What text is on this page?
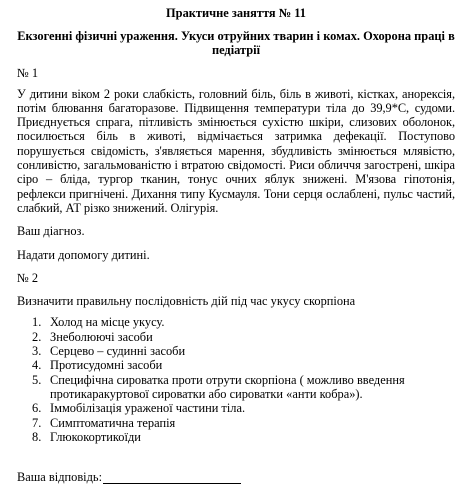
Практичне заняття № 11
Екзогенні фізичні ураження. Укуси отруйних тварин і комах. Охорона праці в педіатрії
№ 1
У дитини віком 2 роки слабкість, головний біль, біль в животі, кістках, анорексія, потім блювання багаторазове. Підвищення температури тіла до 39,9*С, судоми. Приєднується спрага, пітливість змінюється сухістю шкіри, слизових оболонок, посилюється біль в животі, відмічається затримка дефекації. Поступово порушується свідомість, з'являється марення, збудливість змінюється млявістю, сонливістю, загальмованістю і втратою свідомості. Риси обличчя загострені, шкіра сіро – бліда, тургор тканин, тонус очних яблук знижені. М'язова гіпотонія, рефлекси пригнічені. Дихання типу Кусмауля. Тони серця ослаблені, пульс частий, слабкий, АТ різко знижений. Олігурія.
Ваш діагноз.
Надати допомогу дитині.
№ 2
Визначити правильну послідовність дій під час укусу скорпіона
1. Холод на місце укусу.
2. Знеболюючі засоби
3. Серцево – судинні засоби
4. Протисудомні засоби
5. Специфічна сироватка проти отрути скорпіона ( можливо введення протикаракуртової сироватки або сироватки «анти кобра»).
6. Іммобілізація ураженої частини тіла.
7. Симптоматична терапія
8. Глюкокортикоїди
Ваша відповідь:
